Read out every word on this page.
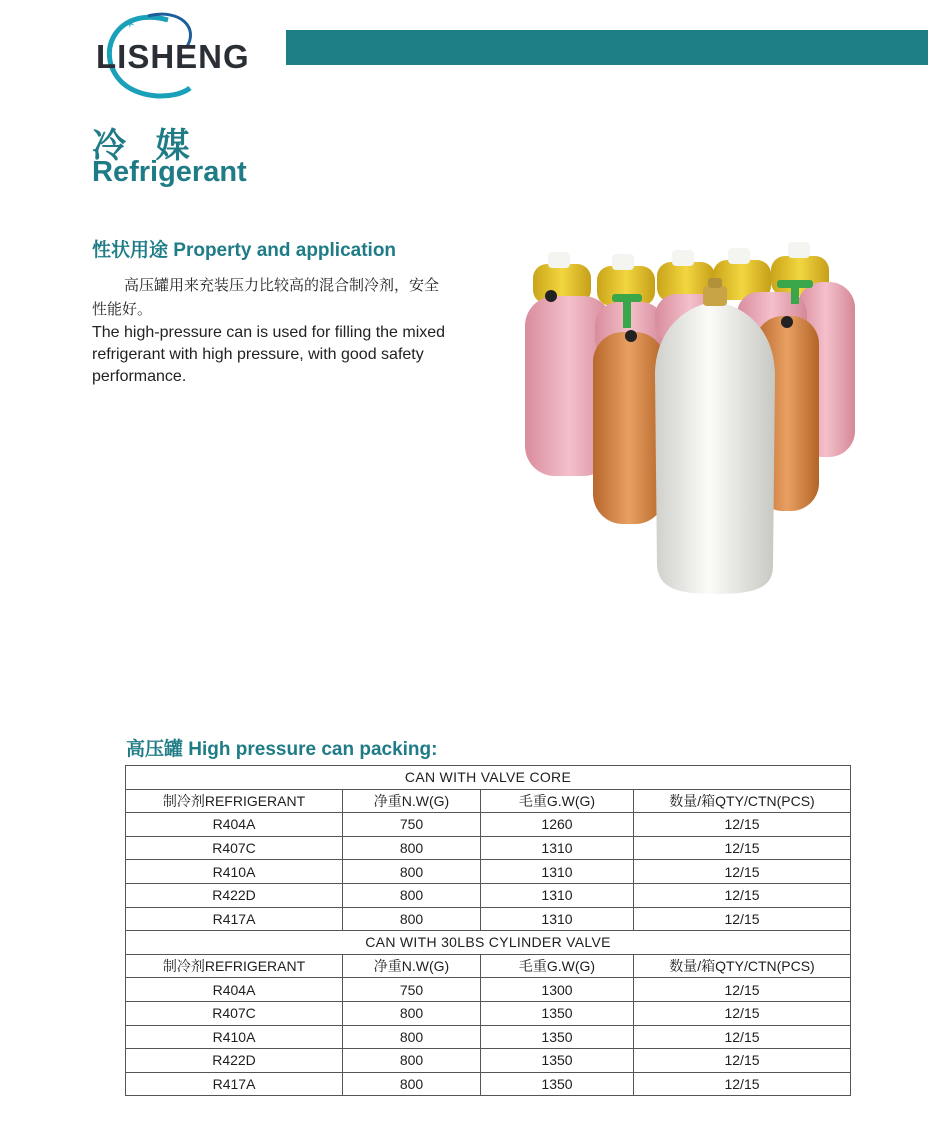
✶
LISHENG
冷 媒
Refrigerant
性状用途 Property and application
高压罐用来充装压力比较高的混合制冷剂，安全性能好。
The high-pressure can is used for filling the mixed refrigerant with high pressure, with good safety performance.
高压罐 High pressure can packing:
CAN WITH VALVE CORE			
制冷剂REFRIGERANT	净重N.W(G)	毛重G.W(G)	数量/箱QTY/CTN(PCS)
R404A	750	1260	12/15
R407C	800	1310	12/15
R410A	800	1310	12/15
R422D	800	1310	12/15
R417A	800	1310	12/15
CAN WITH 30LBS CYLINDER VALVE			
制冷剂REFRIGERANT	净重N.W(G)	毛重G.W(G)	数量/箱QTY/CTN(PCS)
R404A	750	1300	12/15
R407C	800	1350	12/15
R410A	800	1350	12/15
R422D	800	1350	12/15
R417A	800	1350	12/15
